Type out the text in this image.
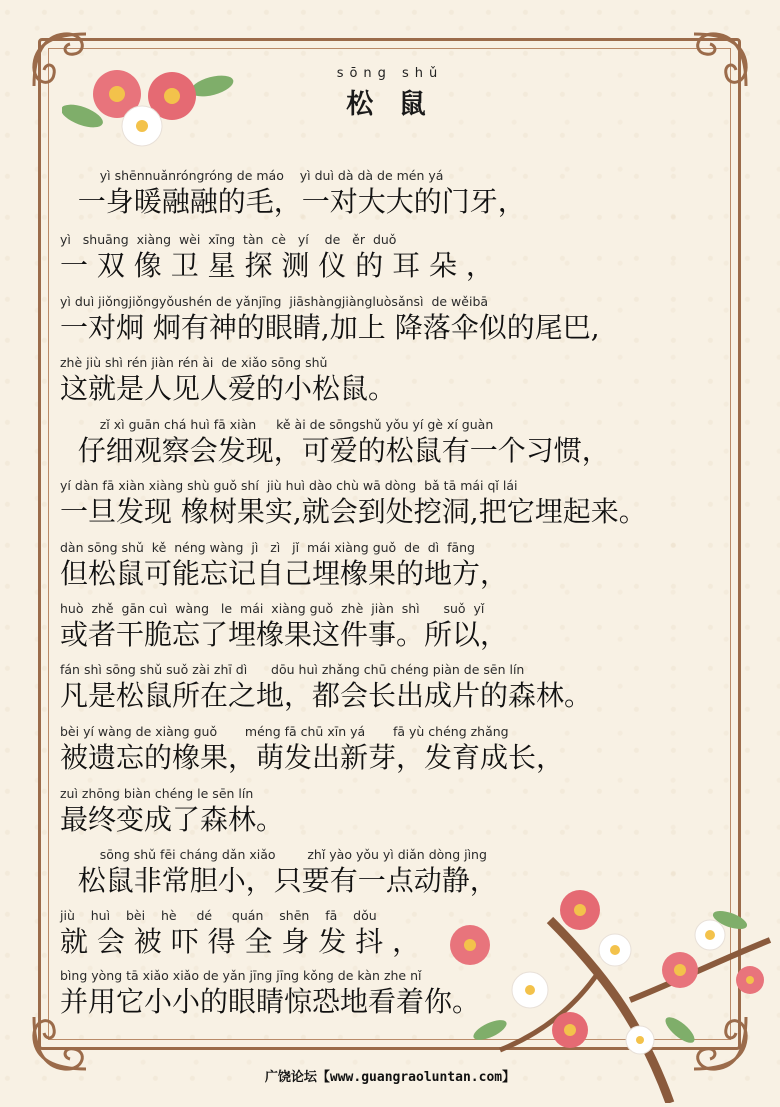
sōng shǔ
松 鼠
yì shēnnuǎnróngróng de máo    yì duì dà dà de mén yá
一身暖融融的毛，一对大大的门牙，
yì   shuāng  xiàng  wèi  xīng  tàn  cè   yí    de   ěr  duǒ
一 双 像 卫 星 探 测 仪 的 耳 朵 ，
yì duì jiǒngjiǒngyǒushén de yǎnjīng  jiāshàngjiàngluòsǎnsì  de wěibā
一对炯 炯有神的眼睛,加上 降落伞似的尾巴,
zhè jiù shì rén jiàn rén ài  de xiǎo sōng shǔ
这就是人见人爱的小松鼠。
zǐ xì guān chá huì fā xiàn     kě ài de sōngshǔ yǒu yí gè xí guàn
仔细观察会发现，可爱的松鼠有一个习惯，
yí dàn fā xiàn xiàng shù guǒ shí  jiù huì dào chù wā dòng  bǎ tā mái qǐ lái
一旦发现 橡树果实,就会到处挖洞,把它埋起来。
dàn sōng shǔ  kě  néng wàng  jì   zì   jǐ  mái xiàng guǒ  de  dì  fāng
但松鼠可能忘记自己埋橡果的地方，
huò  zhě  gān cuì  wàng   le  mái  xiàng guǒ  zhè  jiàn  shì      suǒ  yǐ
或者干脆忘了埋橡果这件事。所以，
fán shì sōng shǔ suǒ zài zhī dì      dōu huì zhǎng chū chéng piàn de sēn lín
凡是松鼠所在之地，都会长出成片的森林。
bèi yí wàng de xiàng guǒ       méng fā chū xīn yá       fā yù chéng zhǎng
被遗忘的橡果，萌发出新芽，发育成长，
zuì zhōng biàn chéng le sēn lín
最终变成了森林。
sōng shǔ fēi cháng dǎn xiǎo        zhǐ yào yǒu yì diǎn dòng jìng
松鼠非常胆小，只要有一点动静，
jiù    huì    bèi    hè     dé     quán    shēn    fā    dǒu
就 会 被 吓 得 全 身 发 抖 ，
bìng yòng tā xiǎo xiǎo de yǎn jīng jīng kǒng de kàn zhe nǐ
并用它小小的眼睛惊恐地看着你。
广饶论坛【www.guangraoluntan.com】
